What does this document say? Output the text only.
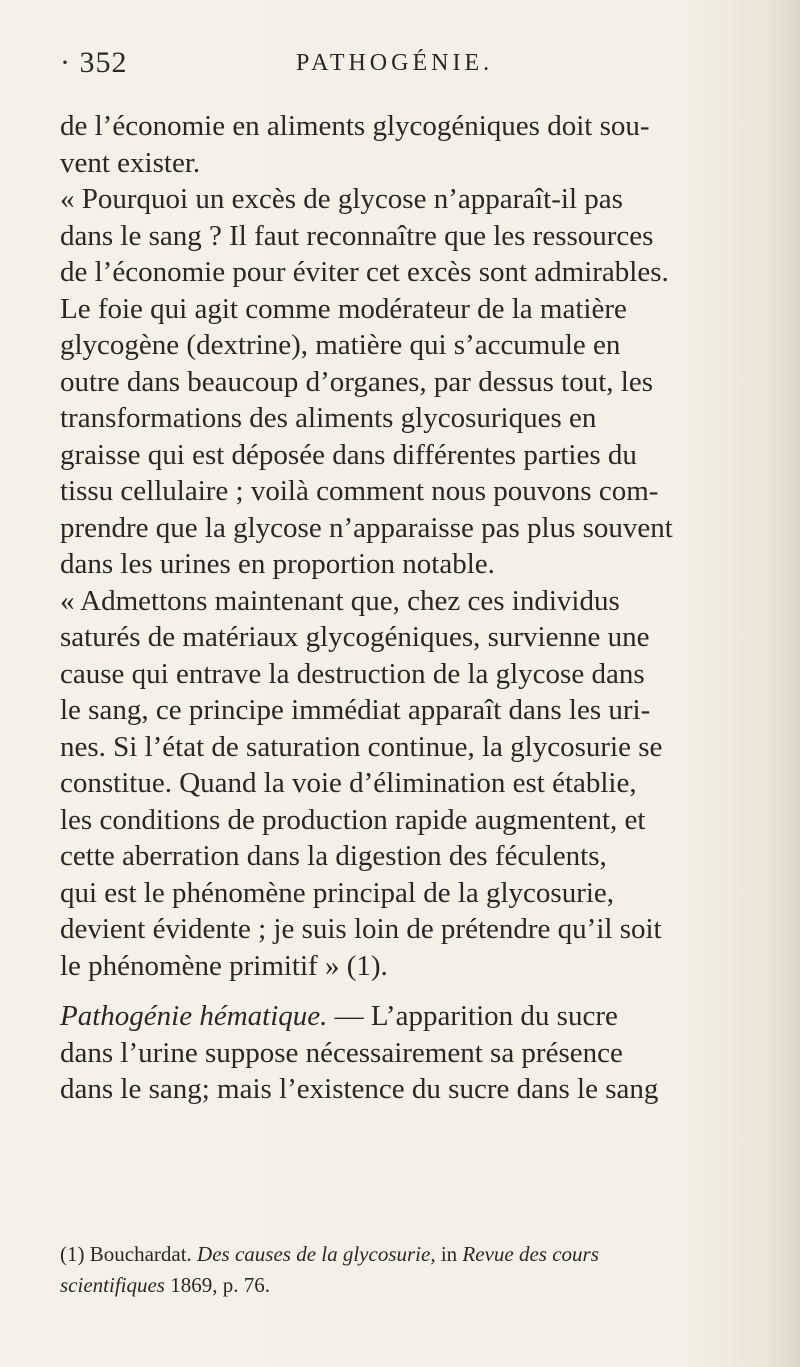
· 352	PATHOGÉNIE.
de l’économie en aliments glycogéniques doit sou-
vent exister.
« Pourquoi un excès de glycose n’apparaît-il pas
dans le sang ? Il faut reconnaître que les ressources
de l’économie pour éviter cet excès sont admirables.
Le foie qui agit comme modérateur de la matière
glycogène (dextrine), matière qui s’accumule en
outre dans beaucoup d’organes, par dessus tout, les
transformations des aliments glycosuriques en
graisse qui est déposée dans différentes parties du
tissu cellulaire ; voilà comment nous pouvons com-
prendre que la glycose n’apparaisse pas plus souvent
dans les urines en proportion notable.
« Admettons maintenant que, chez ces individus
saturés de matériaux glycogéniques, survienne une
cause qui entrave la destruction de la glycose dans
le sang, ce principe immédiat apparaît dans les uri-
nes. Si l’état de saturation continue, la glycosurie se
constitue. Quand la voie d’élimination est établie,
les conditions de production rapide augmentent, et
cette aberration dans la digestion des féculents,
qui est le phénomène principal de la glycosurie,
devient évidente ; je suis loin de prétendre qu’il soit
le phénomène primitif » (1).
Pathogénie hématique. — L’apparition du sucre
dans l’urine suppose nécessairement sa présence
dans le sang; mais l’existence du sucre dans le sang
(1) Bouchardat. Des causes de la glycosurie, in Revue des cours
scientifiques 1869, p. 76.
